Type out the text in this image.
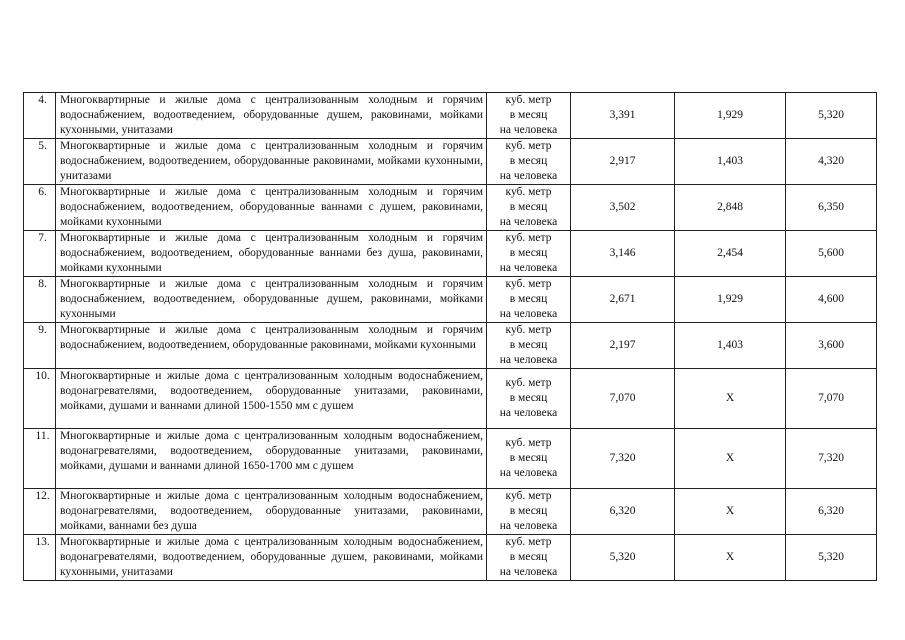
4.	Многоквартирные и жилые дома с централизованным холодным и горячим водоснабжением, водоотведением, оборудованные душем, раковинами, мойками кухонными, унитазами	куб. метр
в месяц
на человека	3,391	1,929	5,320
5.	Многоквартирные и жилые дома с централизованным холодным и горячим водоснабжением, водоотведением, оборудованные раковинами, мойками кухонными, унитазами	куб. метр
в месяц
на человека	2,917	1,403	4,320
6.	Многоквартирные и жилые дома с централизованным холодным и горячим водоснабжением, водоотведением, оборудованные ваннами с душем, раковинами, мойками кухонными	куб. метр
в месяц
на человека	3,502	2,848	6,350
7.	Многоквартирные и жилые дома с централизованным холодным и горячим водоснабжением, водоотведением, оборудованные ваннами без душа, раковинами, мойками кухонными	куб. метр
в месяц
на человека	3,146	2,454	5,600
8.	Многоквартирные и жилые дома с централизованным холодным и горячим водоснабжением, водоотведением, оборудованные душем, раковинами, мойками кухонными	куб. метр
в месяц
на человека	2,671	1,929	4,600
9.	Многоквартирные и жилые дома с централизованным холодным и горячим водоснабжением, водоотведением, оборудованные раковинами, мойками кухонными	куб. метр
в месяц
на человека	2,197	1,403	3,600
10.	Многоквартирные и жилые дома с централизованным холодным водоснабжением, водонагревателями, водоотведением, оборудованные унитазами, раковинами, мойками, душами и ваннами длиной 1500-1550 мм с душем	куб. метр
в месяц
на человека	7,070	X	7,070
11.	Многоквартирные и жилые дома с централизованным холодным водоснабжением, водонагревателями, водоотведением, оборудованные унитазами, раковинами, мойками, душами и ваннами длиной 1650-1700 мм с душем	куб. метр
в месяц
на человека	7,320	X	7,320
12.	Многоквартирные и жилые дома с централизованным холодным водоснабжением, водонагревателями, водоотведением, оборудованные унитазами, раковинами, мойками, ваннами без душа	куб. метр
в месяц
на человека	6,320	X	6,320
13.	Многоквартирные и жилые дома с централизованным холодным водоснабжением, водонагревателями, водоотведением, оборудованные душем, раковинами, мойками кухонными, унитазами	куб. метр
в месяц
на человека	5,320	X	5,320
